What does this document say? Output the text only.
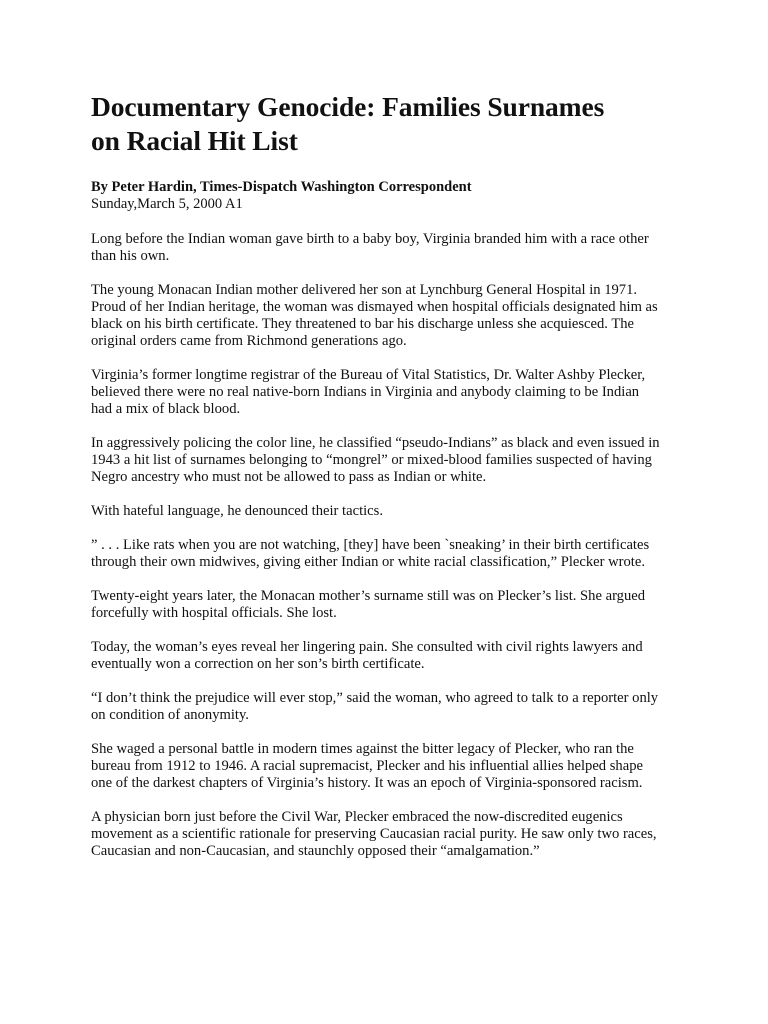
Documentary Genocide: Families Surnames
on Racial Hit List
By Peter Hardin, Times-Dispatch Washington Correspondent
Sunday,March 5, 2000 A1

Long before the Indian woman gave birth to a baby boy, Virginia branded him with a race other
than his own.

The young Monacan Indian mother delivered her son at Lynchburg General Hospital in 1971.
Proud of her Indian heritage, the woman was dismayed when hospital officials designated him as
black on his birth certificate. They threatened to bar his discharge unless she acquiesced. The
original orders came from Richmond generations ago.

Virginia’s former longtime registrar of the Bureau of Vital Statistics, Dr. Walter Ashby Plecker,
believed there were no real native-born Indians in Virginia and anybody claiming to be Indian
had a mix of black blood.

In aggressively policing the color line, he classified “pseudo-Indians” as black and even issued in
1943 a hit list of surnames belonging to “mongrel” or mixed-blood families suspected of having
Negro ancestry who must not be allowed to pass as Indian or white.

With hateful language, he denounced their tactics.

” . . . Like rats when you are not watching, [they] have been `sneaking’ in their birth certificates
through their own midwives, giving either Indian or white racial classification,” Plecker wrote.

Twenty-eight years later, the Monacan mother’s surname still was on Plecker’s list. She argued
forcefully with hospital officials. She lost.

Today, the woman’s eyes reveal her lingering pain. She consulted with civil rights lawyers and
eventually won a correction on her son’s birth certificate.

“I don’t think the prejudice will ever stop,” said the woman, who agreed to talk to a reporter only
on condition of anonymity.

She waged a personal battle in modern times against the bitter legacy of Plecker, who ran the
bureau from 1912 to 1946. A racial supremacist, Plecker and his influential allies helped shape
one of the darkest chapters of Virginia’s history. It was an epoch of Virginia-sponsored racism.

A physician born just before the Civil War, Plecker embraced the now-discredited eugenics
movement as a scientific rationale for preserving Caucasian racial purity. He saw only two races,
Caucasian and non-Caucasian, and staunchly opposed their “amalgamation.”
